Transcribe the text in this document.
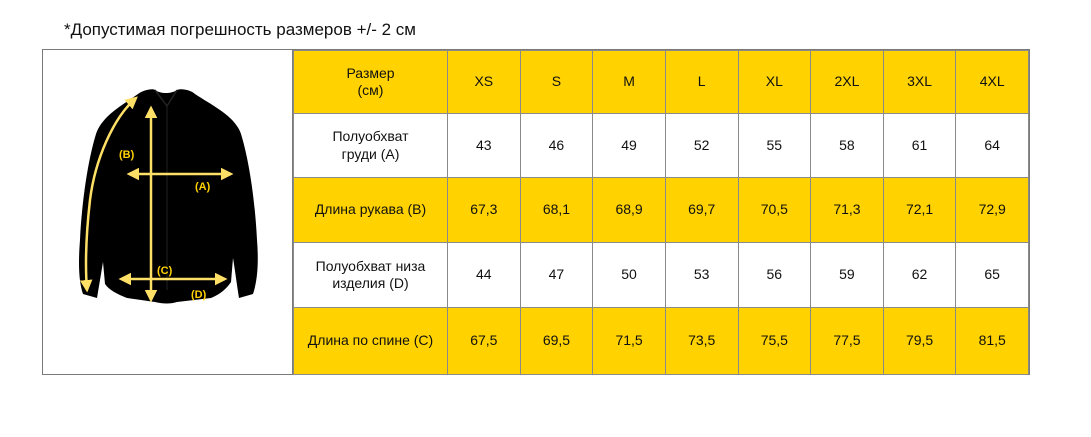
*Допустимая погрешность размеров +/- 2 см
(B)
(A)
(C)
(D)
Размер
(см)	XS	S	M	L	XL	2XL	3XL	4XL
Полуобхват
груди (А)	43	46	49	52	55	58	61	64
Длина рукава (В)	67,3	68,1	68,9	69,7	70,5	71,3	72,1	72,9
Полуобхват низа
изделия (D)	44	47	50	53	56	59	62	65
Длина по спине (С)	67,5	69,5	71,5	73,5	75,5	77,5	79,5	81,5
